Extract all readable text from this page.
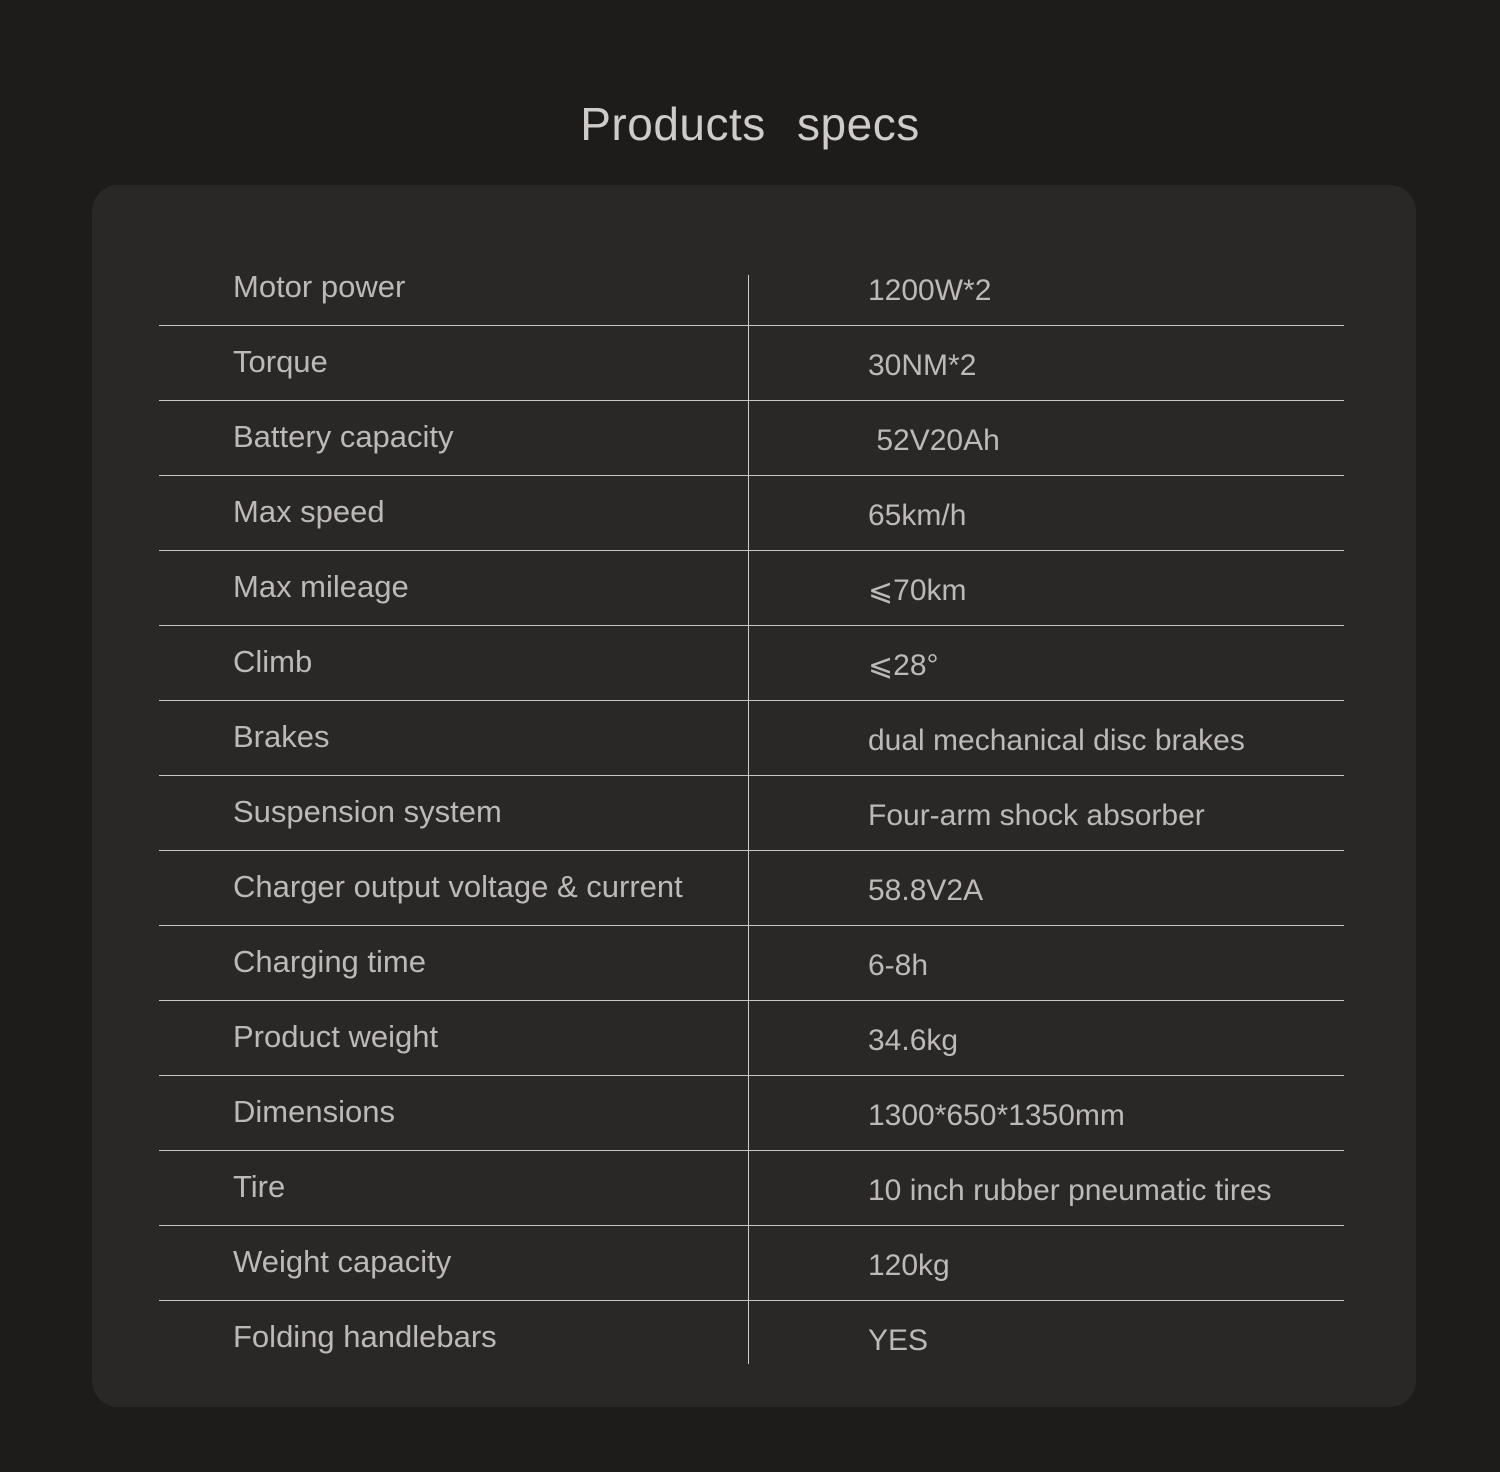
Products specs
Motor power	1200W*2
Torque	30NM*2
Battery capacity	52V20Ah
Max speed	65km/h
Max mileage	⩽70km
Climb	⩽28°
Brakes	dual mechanical disc brakes
Suspension system	Four-arm shock absorber
Charger output voltage & current	58.8V2A
Charging time	6-8h
Product weight	34.6kg
Dimensions	1300*650*1350mm
Tire	10 inch rubber pneumatic tires
Weight capacity	120kg
Folding handlebars	YES
